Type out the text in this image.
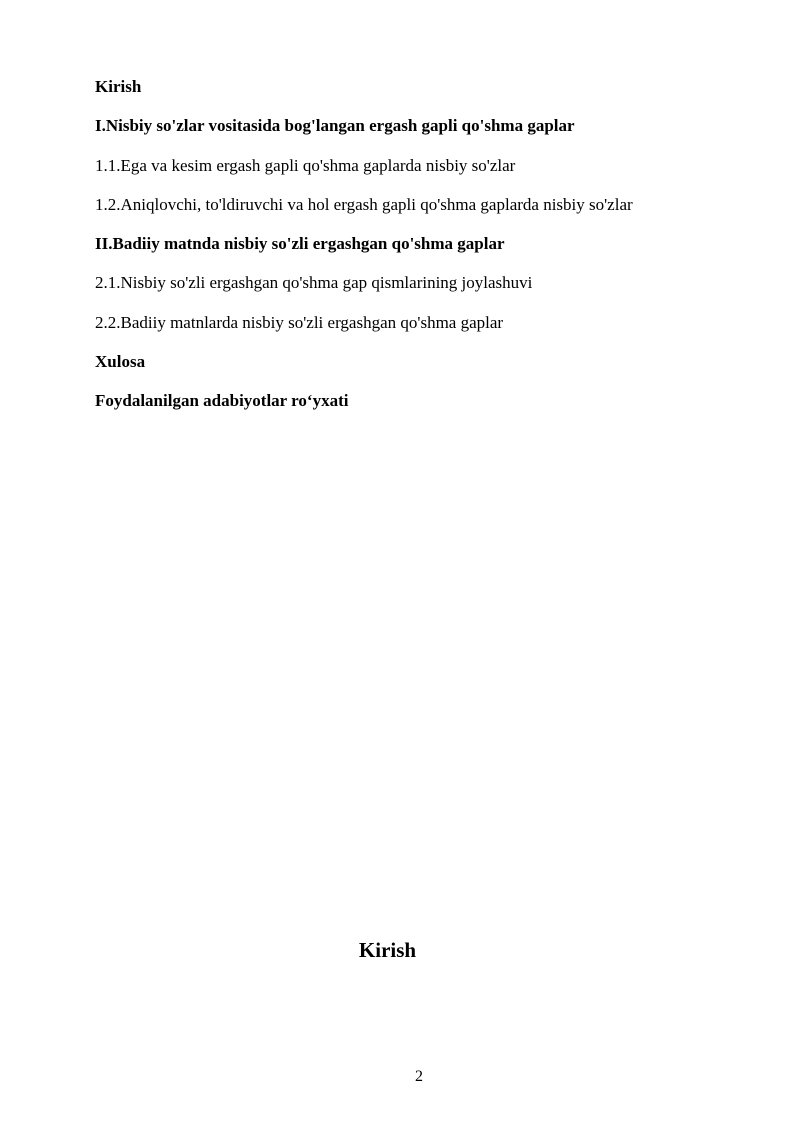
Kirish
I.Nisbiy so'zlar vositasida bog'langan ergash gapli qo'shma gaplar
1.1.Ega va kesim ergash gapli qo'shma gaplarda nisbiy so'zlar
1.2.Aniqlovchi, to'ldiruvchi va hol ergash gapli qo'shma gaplarda nisbiy so'zlar
II.Badiiy matnda nisbiy so'zli ergashgan qo'shma gaplar
2.1.Nisbiy so'zli ergashgan qo'shma gap qismlarining joylashuvi
2.2.Badiiy matnlarda nisbiy so'zli ergashgan qo'shma gaplar
Xulosa
Foydalanilgan adabiyotlar ro‘yxati
Kirish
2
